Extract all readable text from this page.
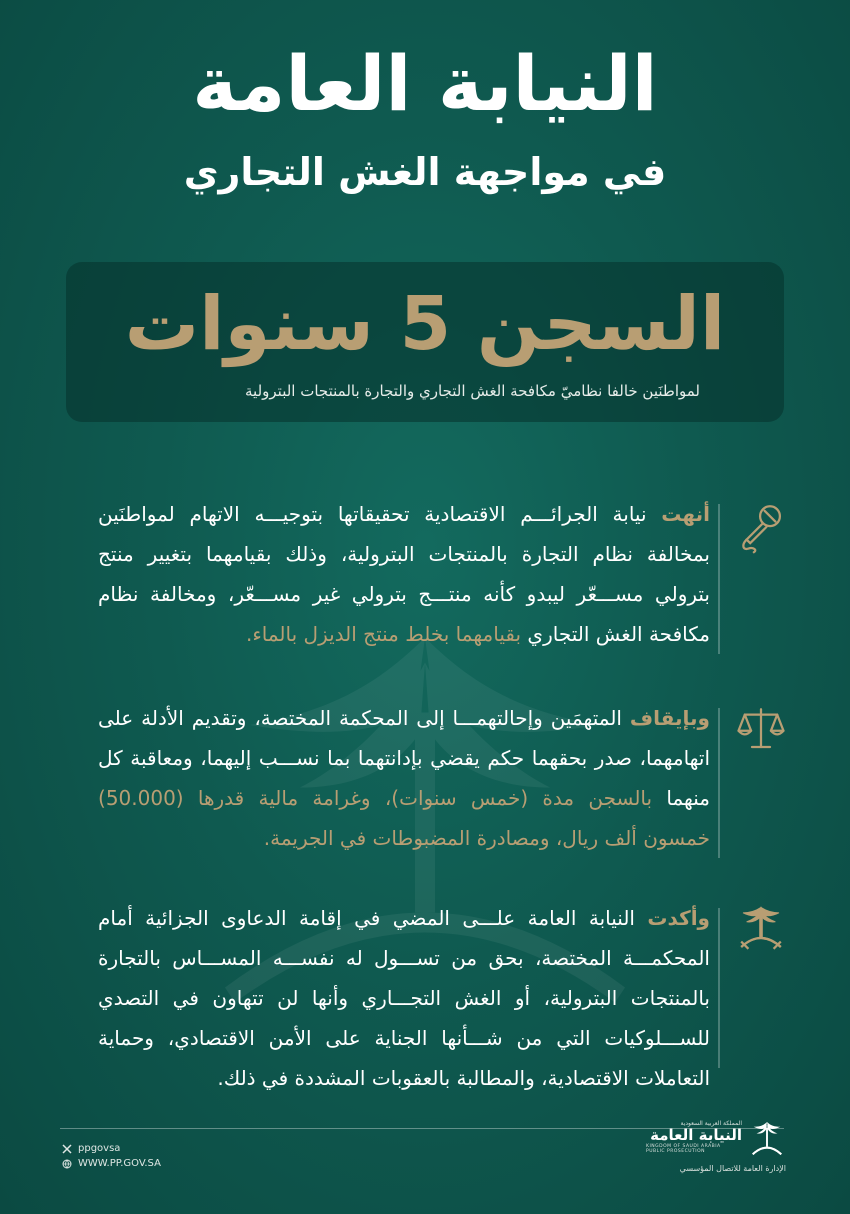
النيابة العامة
في مواجهة الغش التجاري
السجن 5 سنوات
لمواطنَين خالفا نظاميّ مكافحة الغش التجاري والتجارة بالمنتجات البترولية
أنهت نيابة الجرائـــم الاقتصادية تحقيقاتها بتوجيـــه الاتهام لمواطنَين بمخالفة نظام التجارة بالمنتجات البترولية، وذلك بقيامهما بتغيير منتج بترولي مســـعّر ليبدو كأنه منتـــج بترولي غير مســـعّر، ومخالفة نظام مكافحة الغش التجاري بقيامهما بخلط منتج الديزل بالماء.
وبإيقاف المتهمَين وإحالتهمـــا إلى المحكمة المختصة، وتقديم الأدلة على اتهامهما، صدر بحقهما حكم يقضي بإدانتهما بما نســـب إليهما، ومعاقبة كل منهما بالسجن مدة (خمس سنوات)، وغرامة مالية قدرها (50.000) خمسون ألف ريال، ومصادرة المضبوطات في الجريمة.
وأكدت النيابة العامة علـــى المضي في إقامة الدعاوى الجزائية أمام المحكمـــة المختصة، بحق من تســـول له نفســـه المســـاس بالتجارة بالمنتجات البترولية، أو الغش التجـــاري وأنها لن تتهاون في التصدي للســـلوكيات التي من شـــأنها الجناية على الأمن الاقتصادي، وحماية التعاملات الاقتصادية، والمطالبة بالعقوبات المشددة في ذلك.
ppgovsa
WWW.PP.GOV.SA
المملكة العربية السعودية
النيابة العامة
KINGDOM OF SAUDI ARABIA
PUBLIC PROSECUTION
الإدارة العامة للاتصال المؤسسي
